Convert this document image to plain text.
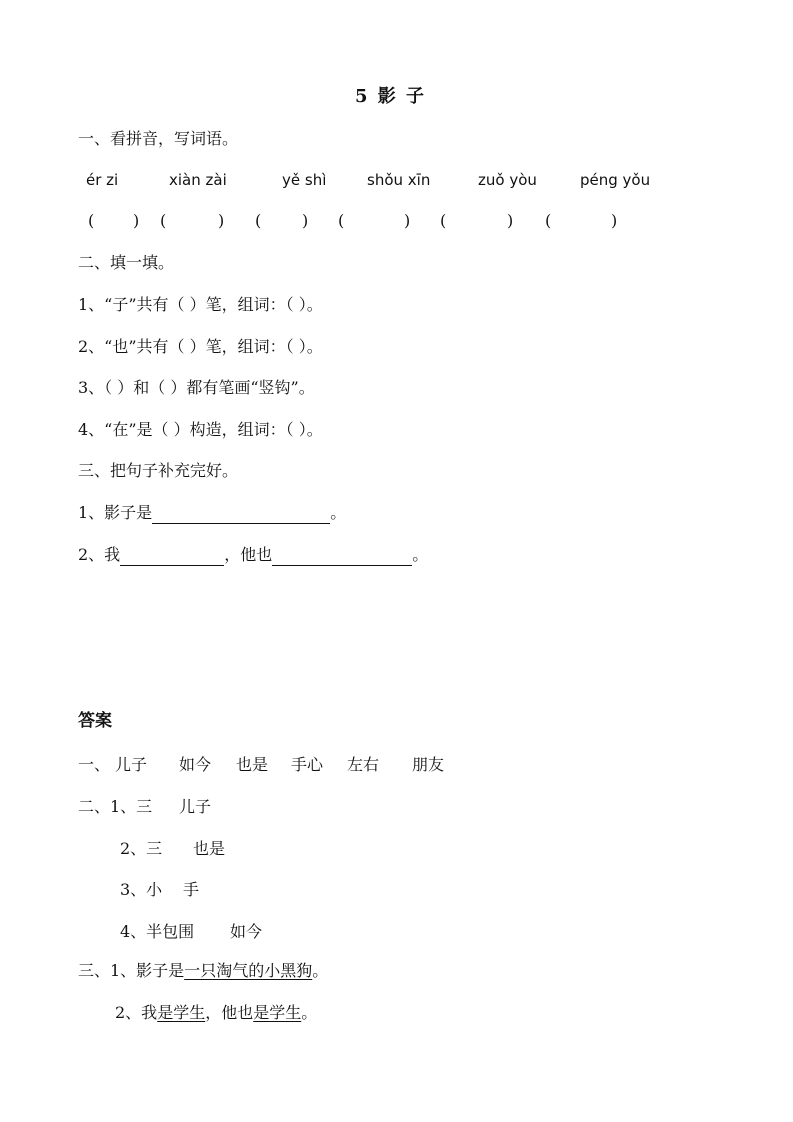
5 影 子
一、看拼音，写词语。
ér zi	xiàn zài	yě shì	shǒu xīn	zuǒ yòu	péng yǒu
( ) (	) (	) (	) (	) (	)
二、填一填。
1、“子”共有（ ）笔，组词：（ ）。
2、“也”共有（ ）笔，组词：（ ）。
3、（ ）和（ ）都有笔画“竖钩”。
4、“在”是（ ）构造，组词：（ ）。
三、把句子补充完好。
1、影子是	。
2、我	，他也	。
答案
一、 儿子 如今 也是 手心 左右 朋友
二、1、三 儿子
2、三 也是
3、小 手
4、半包围 如今
三、1、影子是一只淘气的小黑狗。
2、我是学生，他也是学生。
